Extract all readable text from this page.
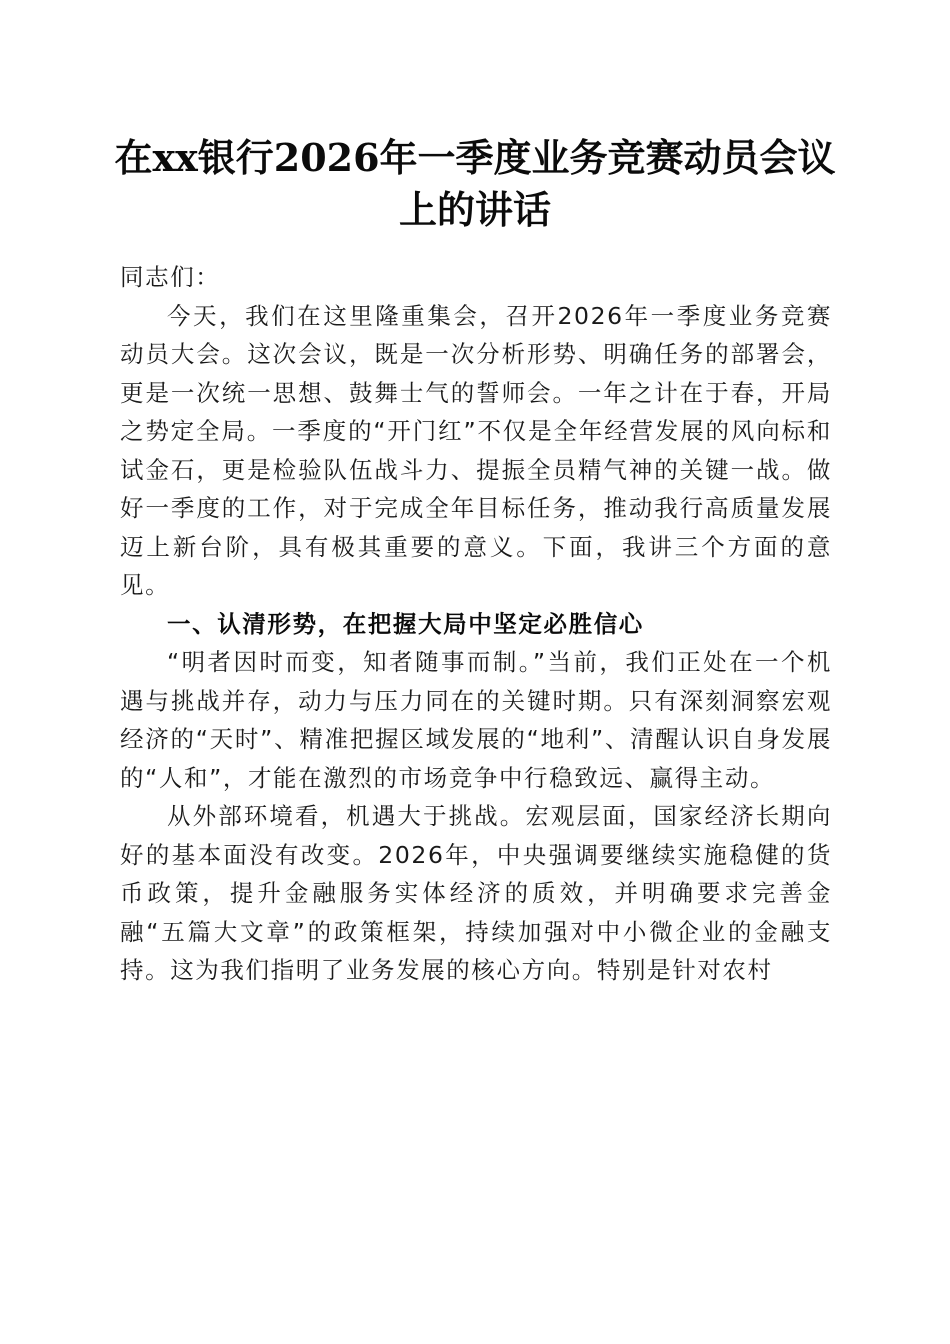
在xx银行2026年一季度业务竞赛动员会议上的讲话

同志们：

今天，我们在这里隆重集会，召开2026年一季度业务竞赛动员大会。这次会议，既是一次分析形势、明确任务的部署会，更是一次统一思想、鼓舞士气的誓师会。一年之计在于春，开局之势定全局。一季度的“开门红”不仅是全年经营发展的风向标和试金石，更是检验队伍战斗力、提振全员精气神的关键一战。做好一季度的工作，对于完成全年目标任务，推动我行高质量发展迈上新台阶，具有极其重要的意义。下面，我讲三个方面的意见。

一、认清形势，在把握大局中坚定必胜信心

“明者因时而变，知者随事而制。”当前，我们正处在一个机遇与挑战并存，动力与压力同在的关键时期。只有深刻洞察宏观经济的“天时”、精准把握区域发展的“地利”、清醒认识自身发展的“人和”，才能在激烈的市场竞争中行稳致远、赢得主动。

从外部环境看，机遇大于挑战。宏观层面，国家经济长期向好的基本面没有改变。2026年，中央强调要继续实施稳健的货币政策，提升金融服务实体经济的质效，并明确要求完善金融“五篇大文章”的政策框架，持续加强对中小微企业的金融支持。这为我们指明了业务发展的核心方向。特别是针对农村
